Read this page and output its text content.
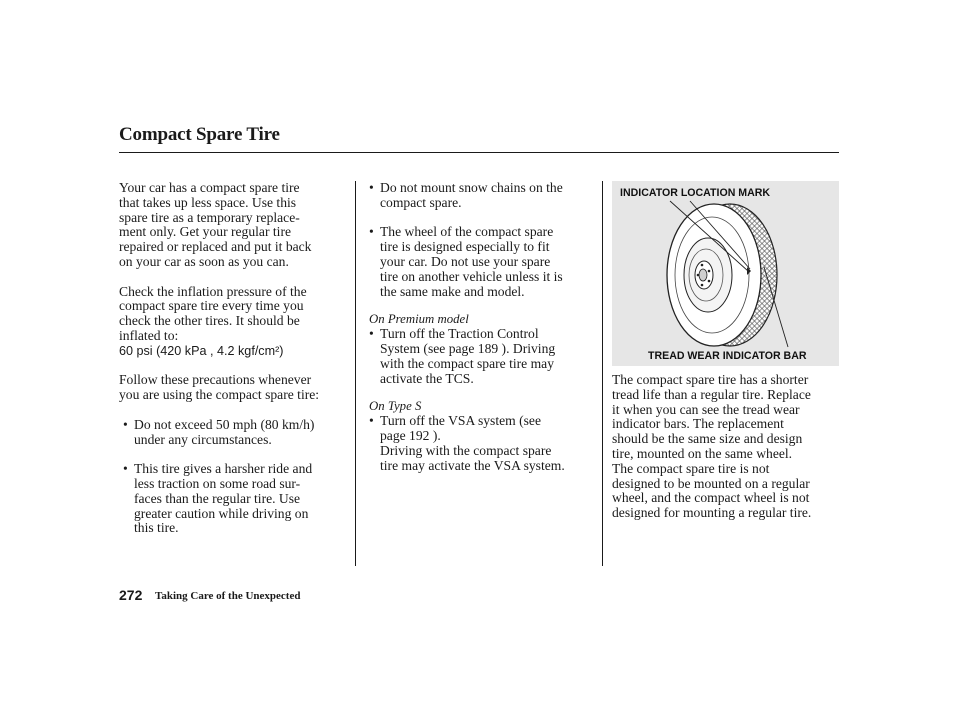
Compact Spare Tire
Your car has a compact spare tire
that takes up less space. Use this
spare tire as a temporary replace-
ment only. Get your regular tire
repaired or replaced and put it back
on your car as soon as you can.
Check the inflation pressure of the
compact spare tire every time you
check the other tires. It should be
inflated to:
60 psi (420 kPa , 4.2 kgf/cm²)
Follow these precautions whenever
you are using the compact spare tire:
• Do not exceed 50 mph (80 km/h)
under any circumstances.
• This tire gives a harsher ride and
less traction on some road sur-
faces than the regular tire. Use
greater caution while driving on
this tire.
• Do not mount snow chains on the
compact spare.
• The wheel of the compact spare
tire is designed especially to fit
your car. Do not use your spare
tire on another vehicle unless it is
the same make and model.
On Premium model
• Turn off the Traction Control
System (see page 189 ). Driving
with the compact spare tire may
activate the TCS.
On Type S
• Turn off the VSA system (see
page 192 ).
Driving with the compact spare
tire may activate the VSA system.
INDICATOR LOCATION MARK
TREAD WEAR INDICATOR BAR
The compact spare tire has a shorter
tread life than a regular tire. Replace
it when you can see the tread wear
indicator bars. The replacement
should be the same size and design
tire, mounted on the same wheel.
The compact spare tire is not
designed to be mounted on a regular
wheel, and the compact wheel is not
designed for mounting a regular tire.
272 Taking Care of the Unexpected
